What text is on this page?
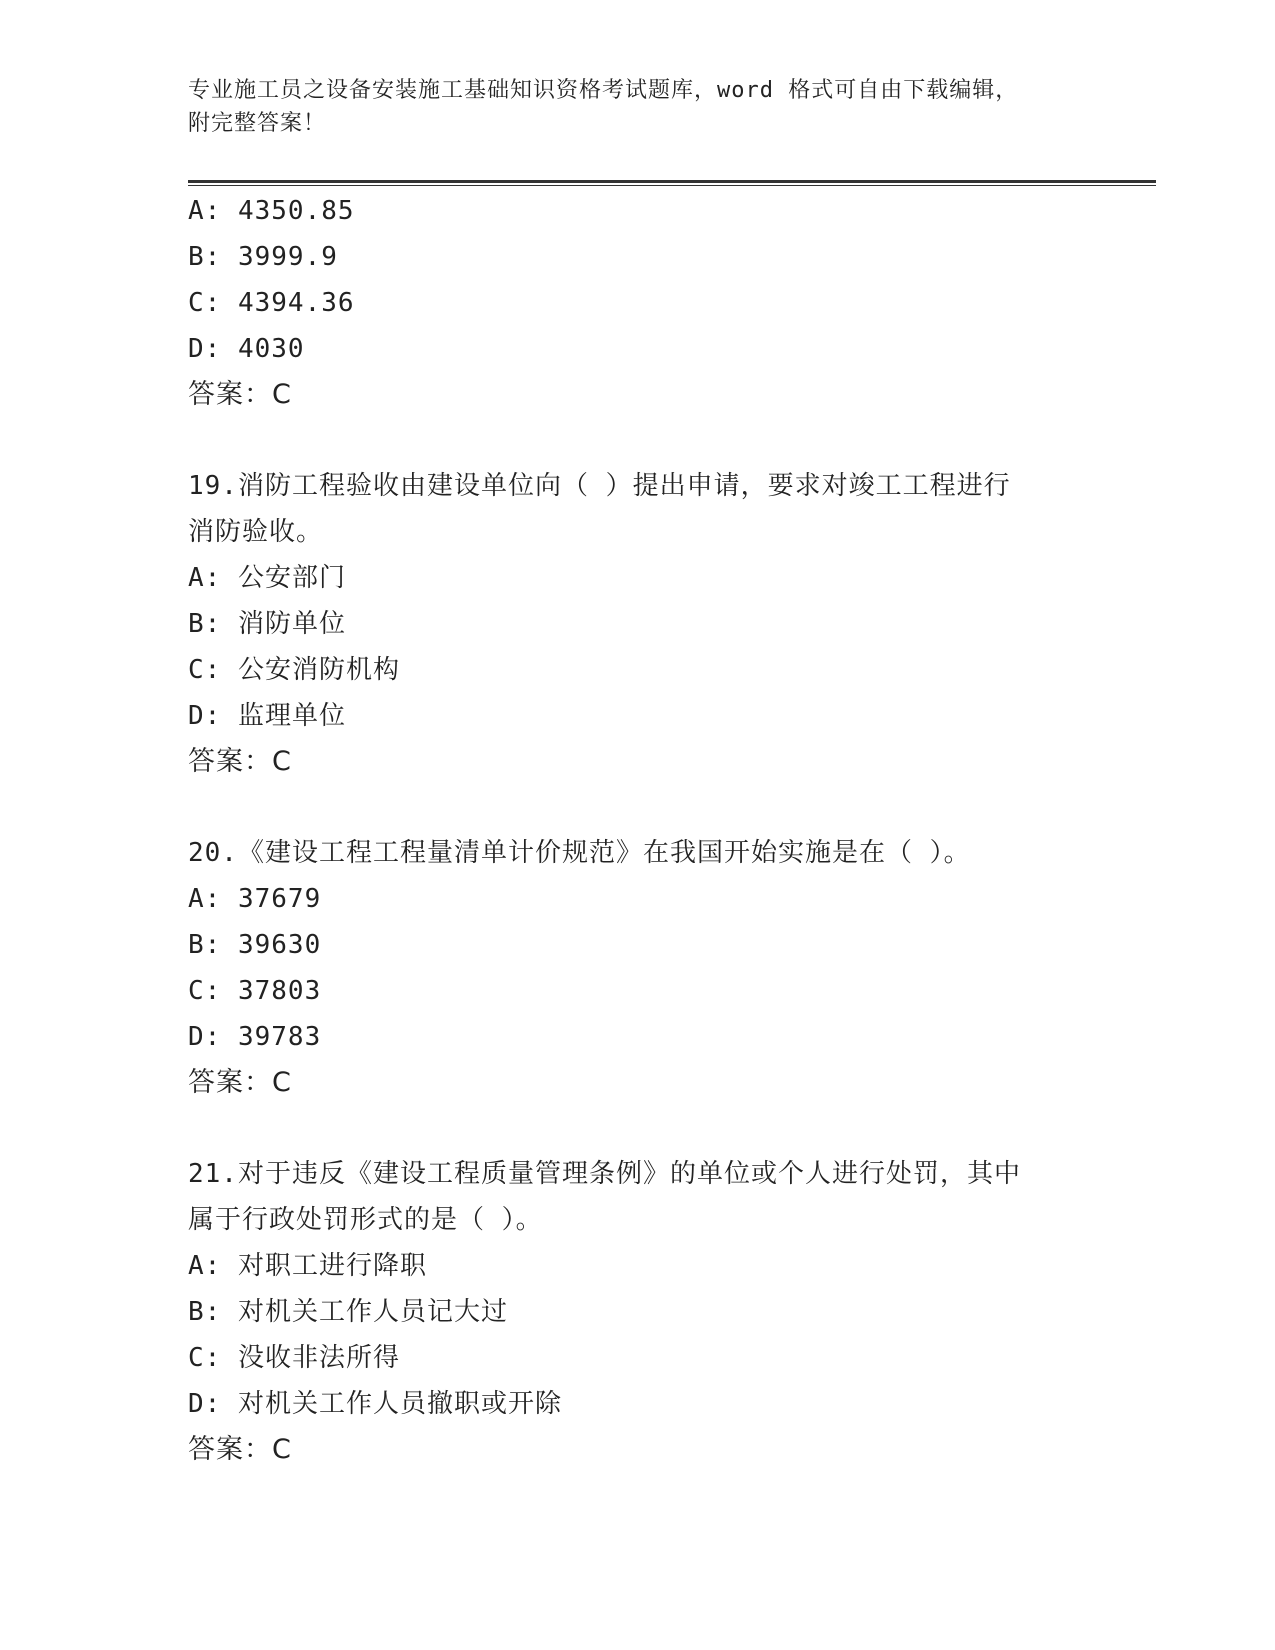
专业施工员之设备安装施工基础知识资格考试题库，word 格式可自由下载编辑，
附完整答案！
A: 4350.85
B: 3999.9
C: 4394.36
D: 4030
答案：C
19.消防工程验收由建设单位向（ ）提出申请，要求对竣工工程进行
消防验收。
A: 公安部门
B: 消防单位
C: 公安消防机构
D: 监理单位
答案：C
20.《建设工程工程量清单计价规范》在我国开始实施是在（ ）。
A: 37679
B: 39630
C: 37803
D: 39783
答案：C
21.对于违反《建设工程质量管理条例》的单位或个人进行处罚，其中
属于行政处罚形式的是（ ）。
A: 对职工进行降职
B: 对机关工作人员记大过
C: 没收非法所得
D: 对机关工作人员撤职或开除
答案：C
